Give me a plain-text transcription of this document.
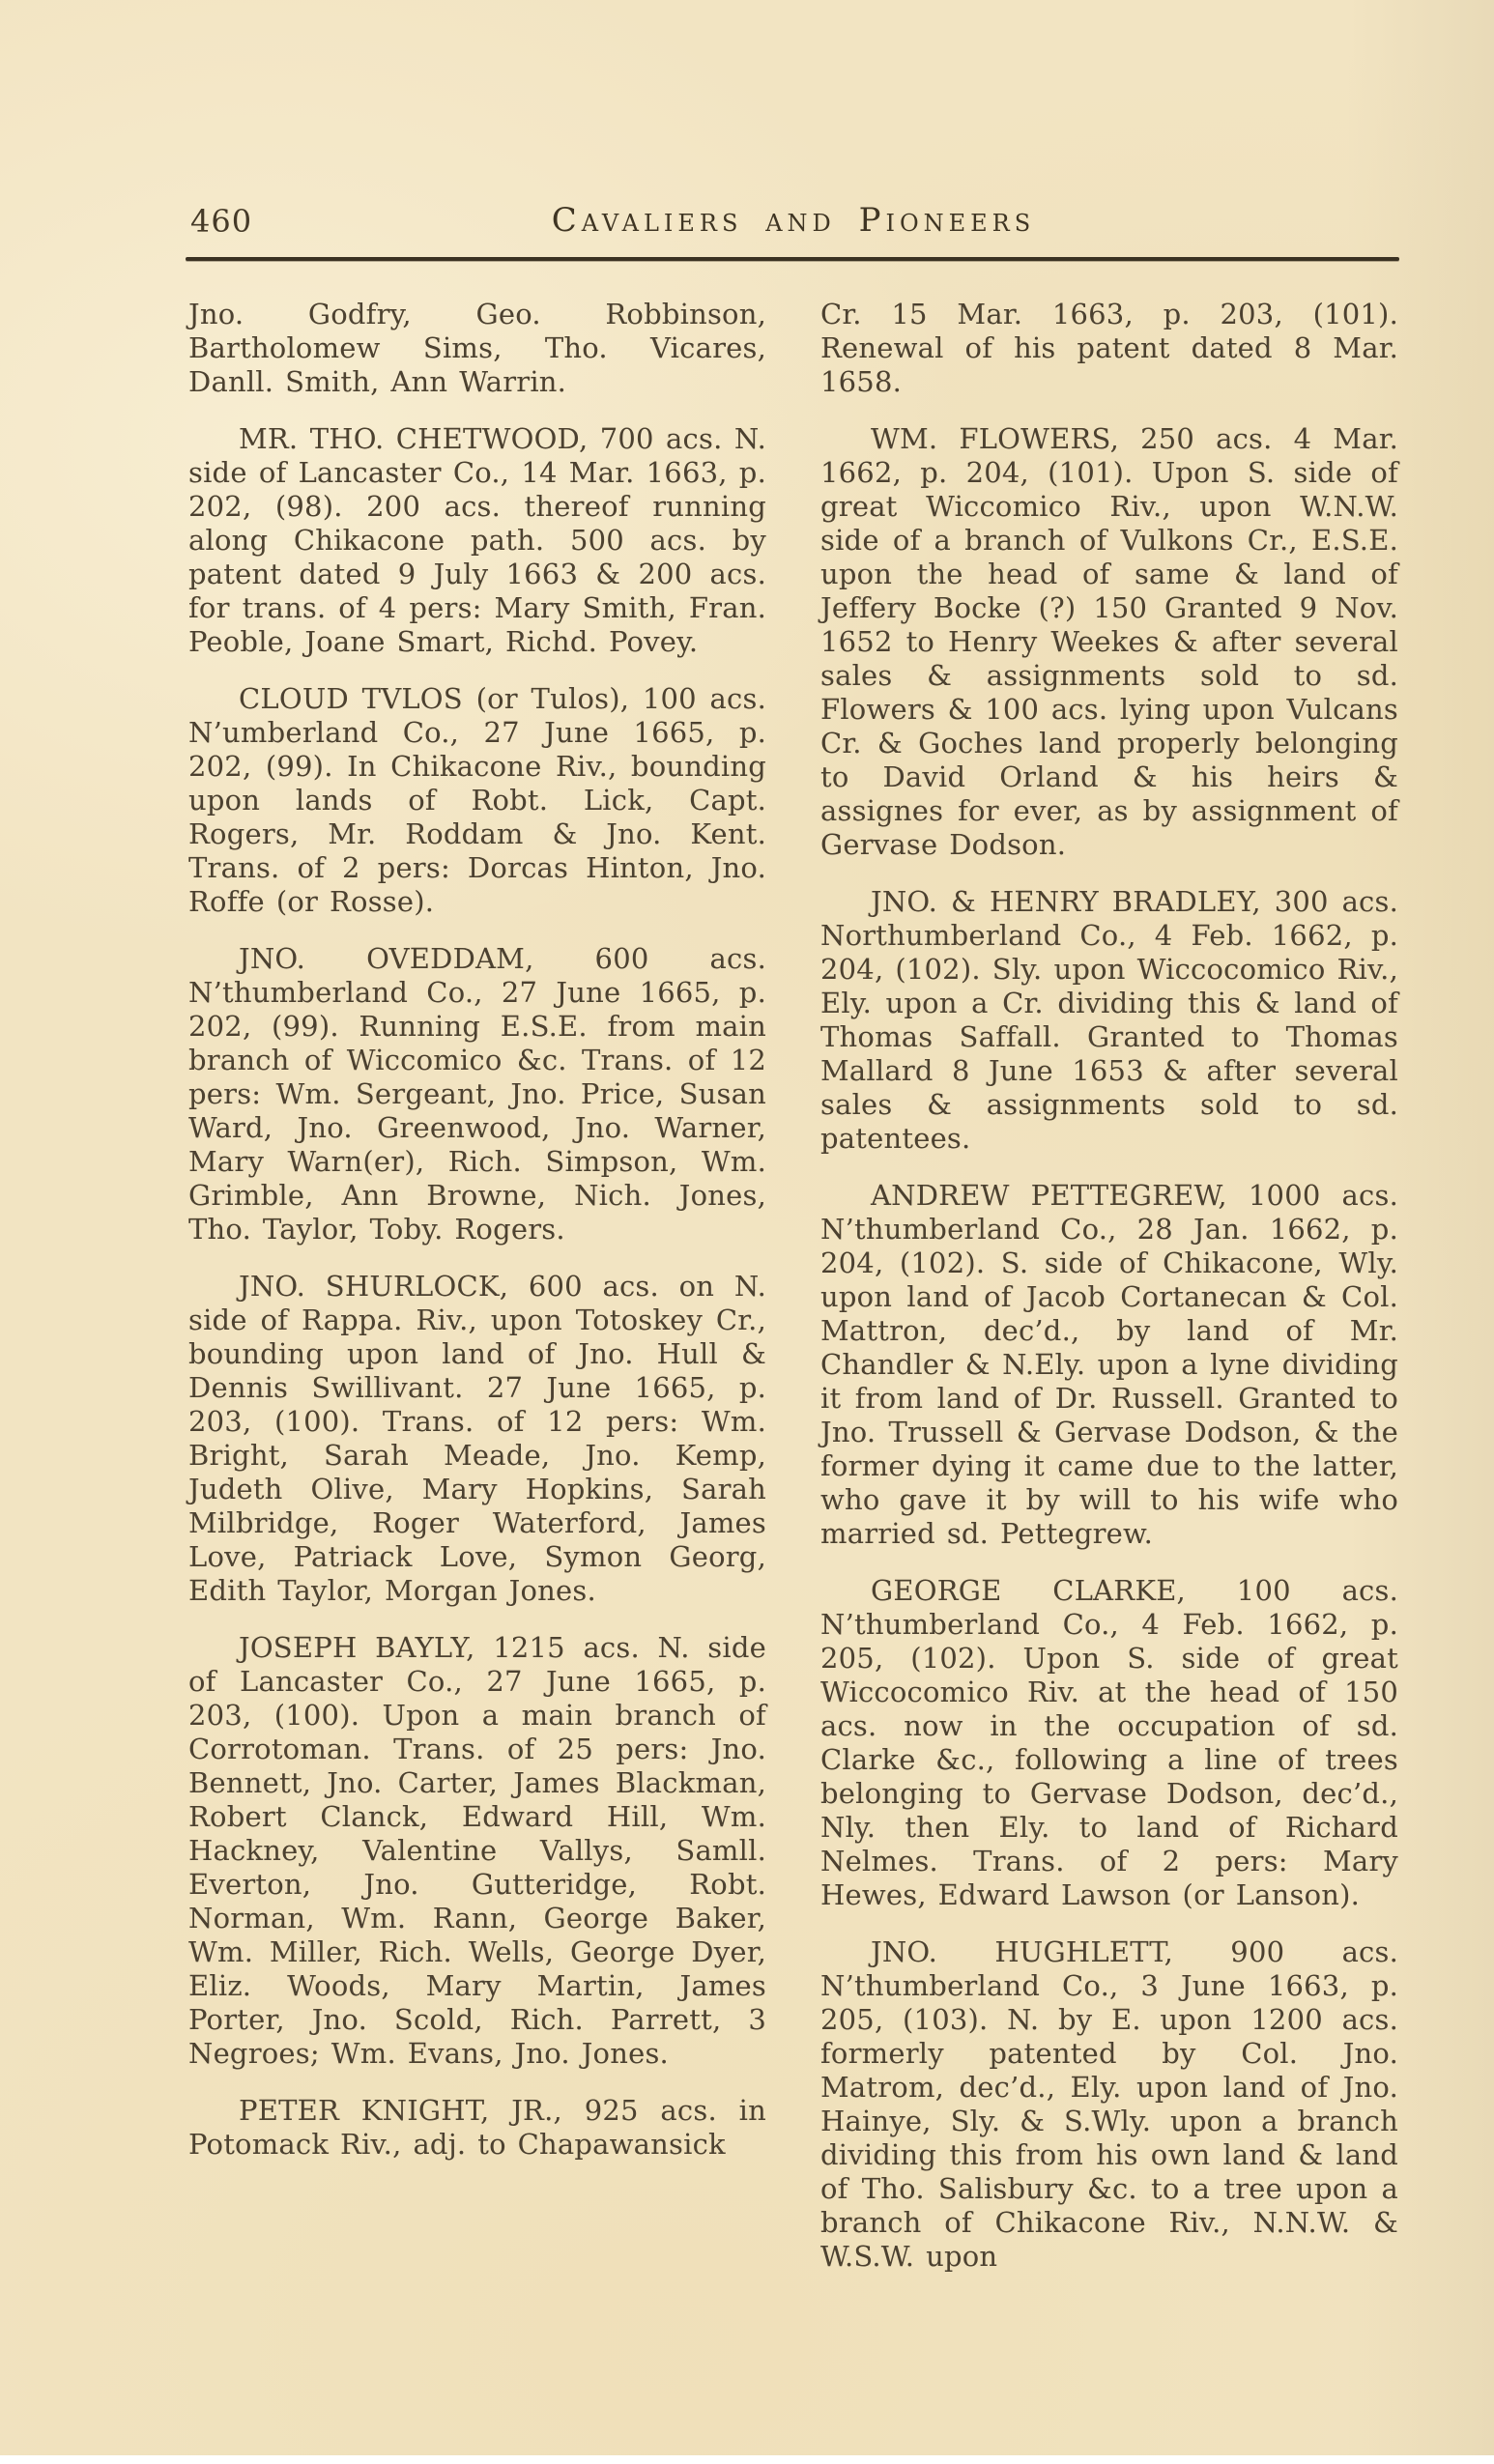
460	Cavaliers and Pioneers

Jno. Godfry, Geo. Robbinson, Bartholomew Sims, Tho. Vicares, Danll. Smith, Ann Warrin.

MR. THO. CHETWOOD, 700 acs. N. side of Lancaster Co., 14 Mar. 1663, p. 202, (98). 200 acs. thereof running along Chikacone path. 500 acs. by patent dated 9 July 1663 & 200 acs. for trans. of 4 pers: Mary Smith, Fran. Peoble, Joane Smart, Richd. Povey.

CLOUD TVLOS (or Tulos), 100 acs. N’umberland Co., 27 June 1665, p. 202, (99). In Chikacone Riv., bounding upon lands of Robt. Lick, Capt. Rogers, Mr. Roddam & Jno. Kent. Trans. of 2 pers: Dorcas Hinton, Jno. Roffe (or Rosse).

JNO. OVEDDAM, 600 acs. N’thumberland Co., 27 June 1665, p. 202, (99). Running E.S.E. from main branch of Wiccomico &c. Trans. of 12 pers: Wm. Sergeant, Jno. Price, Susan Ward, Jno. Greenwood, Jno. Warner, Mary Warn(er), Rich. Simpson, Wm. Grimble, Ann Browne, Nich. Jones, Tho. Taylor, Toby. Rogers.

JNO. SHURLOCK, 600 acs. on N. side of Rappa. Riv., upon Totoskey Cr., bounding upon land of Jno. Hull & Dennis Swillivant. 27 June 1665, p. 203, (100). Trans. of 12 pers: Wm. Bright, Sarah Meade, Jno. Kemp, Judeth Olive, Mary Hopkins, Sarah Milbridge, Roger Waterford, James Love, Patriack Love, Symon Georg, Edith Taylor, Morgan Jones.

JOSEPH BAYLY, 1215 acs. N. side of Lancaster Co., 27 June 1665, p. 203, (100). Upon a main branch of Corrotoman. Trans. of 25 pers: Jno. Bennett, Jno. Carter, James Blackman, Robert Clanck, Edward Hill, Wm. Hackney, Valentine Vallys, Samll. Everton, Jno. Gutteridge, Robt. Norman, Wm. Rann, George Baker, Wm. Miller, Rich. Wells, George Dyer, Eliz. Woods, Mary Martin, James Porter, Jno. Scold, Rich. Parrett, 3 Negroes; Wm. Evans, Jno. Jones.

PETER KNIGHT, JR., 925 acs. in Potomack Riv., adj. to Chapawansick

Cr. 15 Mar. 1663, p. 203, (101). Renewal of his patent dated 8 Mar. 1658.

WM. FLOWERS, 250 acs. 4 Mar. 1662, p. 204, (101). Upon S. side of great Wiccomico Riv., upon W.N.W. side of a branch of Vulkons Cr., E.S.E. upon the head of same & land of Jeffery Bocke (?) 150 Granted 9 Nov. 1652 to Henry Weekes & after several sales & assignments sold to sd. Flowers & 100 acs. lying upon Vulcans Cr. & Goches land properly belonging to David Orland & his heirs & assignes for ever, as by assignment of Gervase Dodson.

JNO. & HENRY BRADLEY, 300 acs. Northumberland Co., 4 Feb. 1662, p. 204, (102). Sly. upon Wiccocomico Riv., Ely. upon a Cr. dividing this & land of Thomas Saffall. Granted to Thomas Mallard 8 June 1653 & after several sales & assignments sold to sd. patentees.

ANDREW PETTEGREW, 1000 acs. N’thumberland Co., 28 Jan. 1662, p. 204, (102). S. side of Chikacone, Wly. upon land of Jacob Cortanecan & Col. Mattron, dec’d., by land of Mr. Chandler & N.Ely. upon a lyne dividing it from land of Dr. Russell. Granted to Jno. Trussell & Gervase Dodson, & the former dying it came due to the latter, who gave it by will to his wife who married sd. Pettegrew.

GEORGE CLARKE, 100 acs. N’thumberland Co., 4 Feb. 1662, p. 205, (102). Upon S. side of great Wiccocomico Riv. at the head of 150 acs. now in the occupation of sd. Clarke &c., following a line of trees belonging to Gervase Dodson, dec’d., Nly. then Ely. to land of Richard Nelmes. Trans. of 2 pers: Mary Hewes, Edward Lawson (or Lanson).

JNO. HUGHLETT, 900 acs. N’thumberland Co., 3 June 1663, p. 205, (103). N. by E. upon 1200 acs. formerly patented by Col. Jno. Matrom, dec’d., Ely. upon land of Jno. Hainye, Sly. & S.Wly. upon a branch dividing this from his own land & land of Tho. Salisbury &c. to a tree upon a branch of Chikacone Riv., N.N.W. & W.S.W. upon
